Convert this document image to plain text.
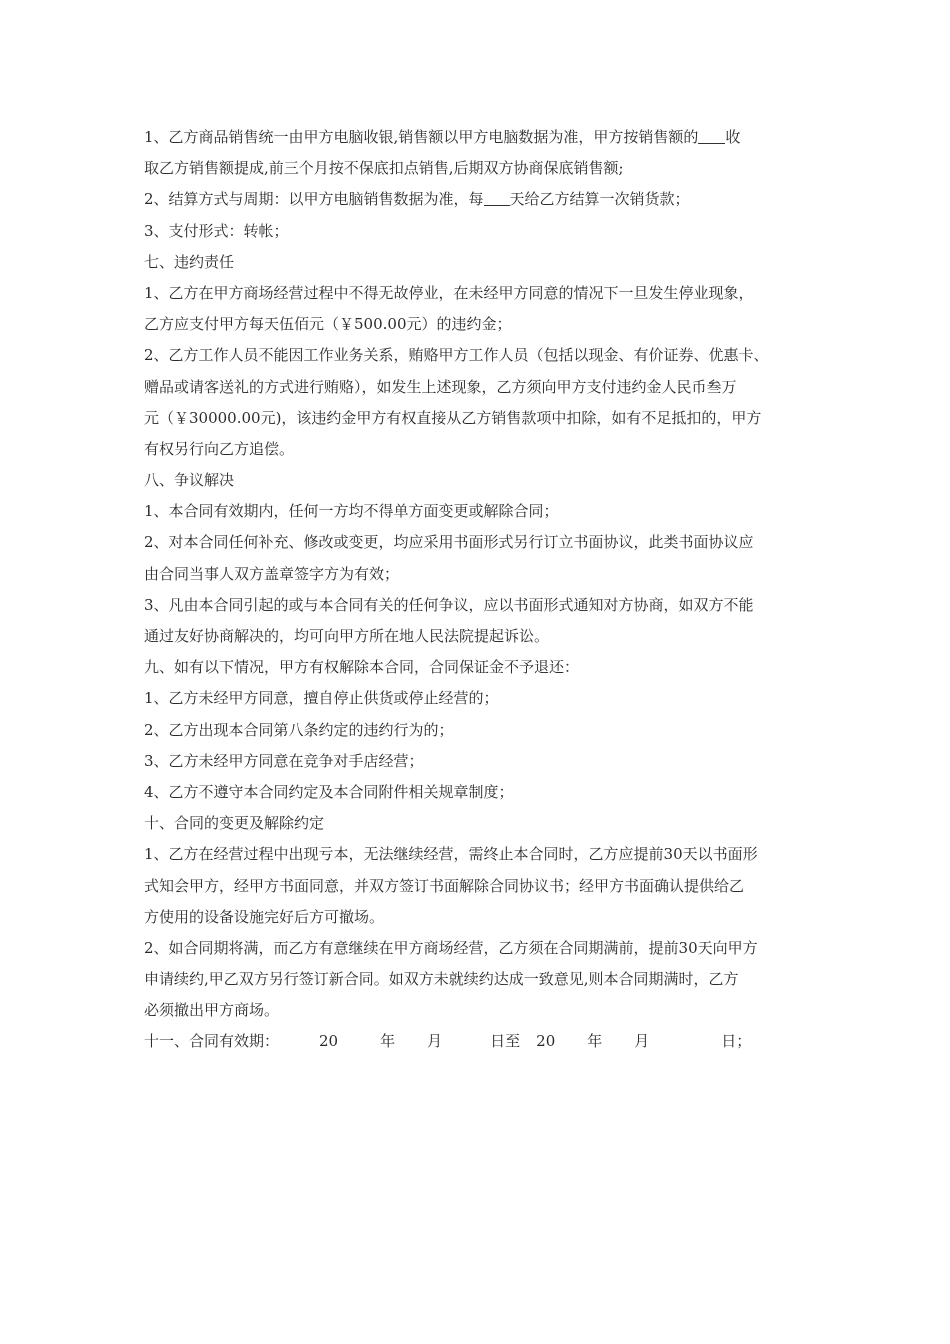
1、乙方商品销售统一由甲方电脑收银,销售额以甲方电脑数据为准，甲方按销售额的 收
取乙方销售额提成,前三个月按不保底扣点销售,后期双方协商保底销售额;
2、结算方式与周期：以甲方电脑销售数据为准，每 天给乙方结算一次销货款；
3、支付形式：转帐；
七、违约责任
1、乙方在甲方商场经营过程中不得无故停业，在未经甲方同意的情况下一旦发生停业现象，
乙方应支付甲方每天伍佰元（￥500.00元）的违约金；
2、乙方工作人员不能因工作业务关系，贿赂甲方工作人员（包括以现金、有价证券、优惠卡、
赠品或请客送礼的方式进行贿赂），如发生上述现象，乙方须向甲方支付违约金人民币叁万
元（￥30000.00元)，该违约金甲方有权直接从乙方销售款项中扣除，如有不足抵扣的，甲方
有权另行向乙方追偿。
八、争议解决
1、本合同有效期内，任何一方均不得单方面变更或解除合同；
2、对本合同任何补充、修改或变更，均应采用书面形式另行订立书面协议，此类书面协议应
由合同当事人双方盖章签字方为有效；
3、凡由本合同引起的或与本合同有关的任何争议，应以书面形式通知对方协商，如双方不能
通过友好协商解决的，均可向甲方所在地人民法院提起诉讼。
九、如有以下情况，甲方有权解除本合同，合同保证金不予退还：
1、乙方未经甲方同意，擅自停止供货或停止经营的；
2、乙方出现本合同第八条约定的违约行为的；
3、乙方未经甲方同意在竞争对手店经营；
4、乙方不遵守本合同约定及本合同附件相关规章制度；
十、合同的变更及解除约定
1、乙方在经营过程中出现亏本，无法继续经营，需终止本合同时，乙方应提前30天以书面形
式知会甲方，经甲方书面同意，并双方签订书面解除合同协议书；经甲方书面确认提供给乙
方使用的设备设施完好后方可撤场。
2、如合同期将满，而乙方有意继续在甲方商场经营，乙方须在合同期满前，提前30天向甲方
申请续约,甲乙双方另行签订新合同。如双方未就续约达成一致意见,则本合同期满时，乙方
必须撤出甲方商场。
十一、合同有效期：	20	年 月	日至 20 年 月	日；
